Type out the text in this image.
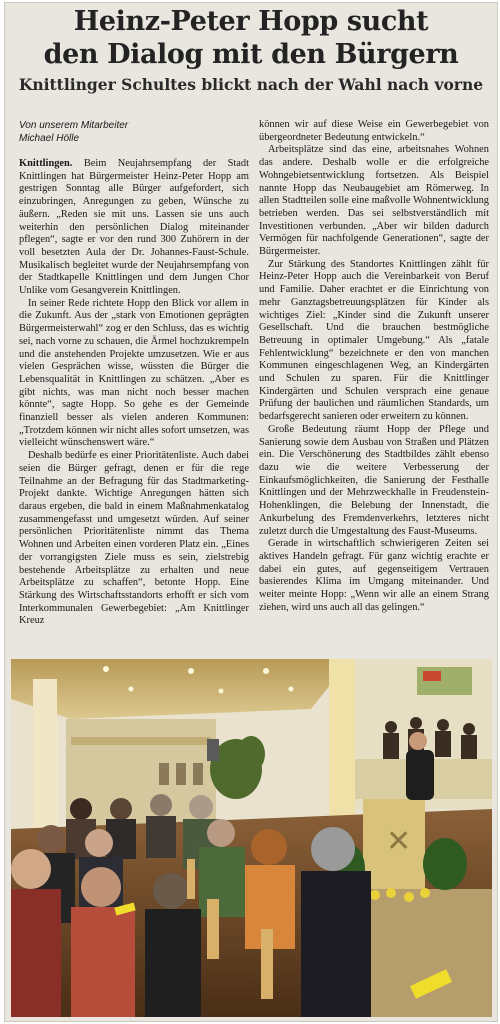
Heinz-Peter Hopp sucht
den Dialog mit den Bürgern
Knittlinger Schultes blickt nach der Wahl nach vorne
Von unserem Mitarbeiter
Michael Hölle

Knittlingen. Beim Neujahrsempfang der Stadt Knittlingen hat Bürgermeister Heinz-Peter Hopp am gestrigen Sonntag alle Bürger aufgefordert, sich einzubringen, Anregungen zu geben, Wünsche zu äußern. „Reden sie mit uns. Lassen sie uns auch weiterhin den persönlichen Dialog miteinander pflegen“, sagte er vor den rund 300 Zuhörern in der voll besetzten Aula der Dr. Johannes-Faust-Schule. Musikalisch begleitet wurde der Neujahrsempfang von der Stadtkapelle Knittlingen und dem Jungen Chor Unlike vom Gesangverein Knittlingen.

In seiner Rede richtete Hopp den Blick vor allem in die Zukunft. Aus der „stark von Emotionen geprägten Bürgermeisterwahl“ zog er den Schluss, das es wichtig sei, nach vorne zu schauen, die Ärmel hochzukrempeln und die anstehenden Projekte umzusetzen. Wie er aus vielen Gesprächen wisse, wüssten die Bürger die Lebensqualität in Knittlingen zu schätzen. „Aber es gibt nichts, was man nicht noch besser machen könnte“, sagte Hopp. So gehe es der Gemeinde finanziell besser als vielen anderen Kommunen: „Trotzdem können wir nicht alles sofort umsetzen, was vielleicht wünschenswert wäre.“

Deshalb bedürfe es einer Prioritätenliste. Auch dabei seien die Bürger gefragt, denen er für die rege Teilnahme an der Befragung für das Stadtmarketing-Projekt dankte. Wichtige Anregungen hätten sich daraus ergeben, die bald in einem Maßnahmenkatalog zusammengefasst und umgesetzt würden. Auf seiner persönlichen Prioritätenliste nimmt das Thema Wohnen und Arbeiten einen vorderen Platz ein. „Eines der vorrangigsten Ziele muss es sein, zielstrebig bestehende Arbeitsplätze zu erhalten und neue Arbeitsplätze zu schaffen“, betonte Hopp. Eine Stärkung des Wirtschaftsstandorts erhofft er sich vom Interkommunalen Gewerbegebiet: „Am Knittlinger Kreuz

können wir auf diese Weise ein Gewerbegebiet von übergeordneter Bedeutung entwickeln.“

Arbeitsplätze sind das eine, arbeitsnahes Wohnen das andere. Deshalb wolle er die erfolgreiche Wohngebietsentwicklung fortsetzen. Als Beispiel nannte Hopp das Neubaugebiet am Römerweg. In allen Stadtteilen solle eine maßvolle Wohnentwicklung betrieben werden. Das sei selbstverständlich mit Investitionen verbunden. „Aber wir bilden dadurch Vermögen für nachfolgende Generationen“, sagte der Bürgermeister.

Zur Stärkung des Standortes Knittlingen zählt für Heinz-Peter Hopp auch die Vereinbarkeit von Beruf und Familie. Daher erachtet er die Einrichtung von mehr Ganztagsbetreuungsplätzen für Kinder als wichtiges Ziel: „Kinder sind die Zukunft unserer Gesellschaft. Und die brauchen bestmögliche Betreuung in optimaler Umgebung.“ Als „fatale Fehlentwicklung“ bezeichnete er den von manchen Kommunen eingeschlagenen Weg, an Kindergärten und Schulen zu sparen. Für die Knittlinger Kindergärten und Schulen versprach eine genaue Prüfung der baulichen und räumlichen Standards, um bedarfsgerecht sanieren oder erweitern zu können.

Große Bedeutung räumt Hopp der Pflege und Sanierung sowie dem Ausbau von Straßen und Plätzen ein. Die Verschönerung des Stadtbildes zählt ebenso dazu wie die weitere Verbesserung der Einkaufsmöglichkeiten, die Sanierung der Festhalle Knittlingen und der Mehrzweckhalle in Freudenstein-Hohenklingen, die Belebung der Innenstadt, die Ankurbelung des Fremdenverkehrs, letzteres nicht zuletzt durch die Umgestaltung des Faust-Museums.

Gerade in wirtschaftlich schwierigeren Zeiten sei aktives Handeln gefragt. Für ganz wichtig erachte er dabei ein gutes, auf gegenseitigem Vertrauen basierendes Klima im Umgang miteinander. Und weiter meinte Hopp: „Wenn wir alle an einem Strang ziehen, wird uns auch all das gelingen.“

✕
